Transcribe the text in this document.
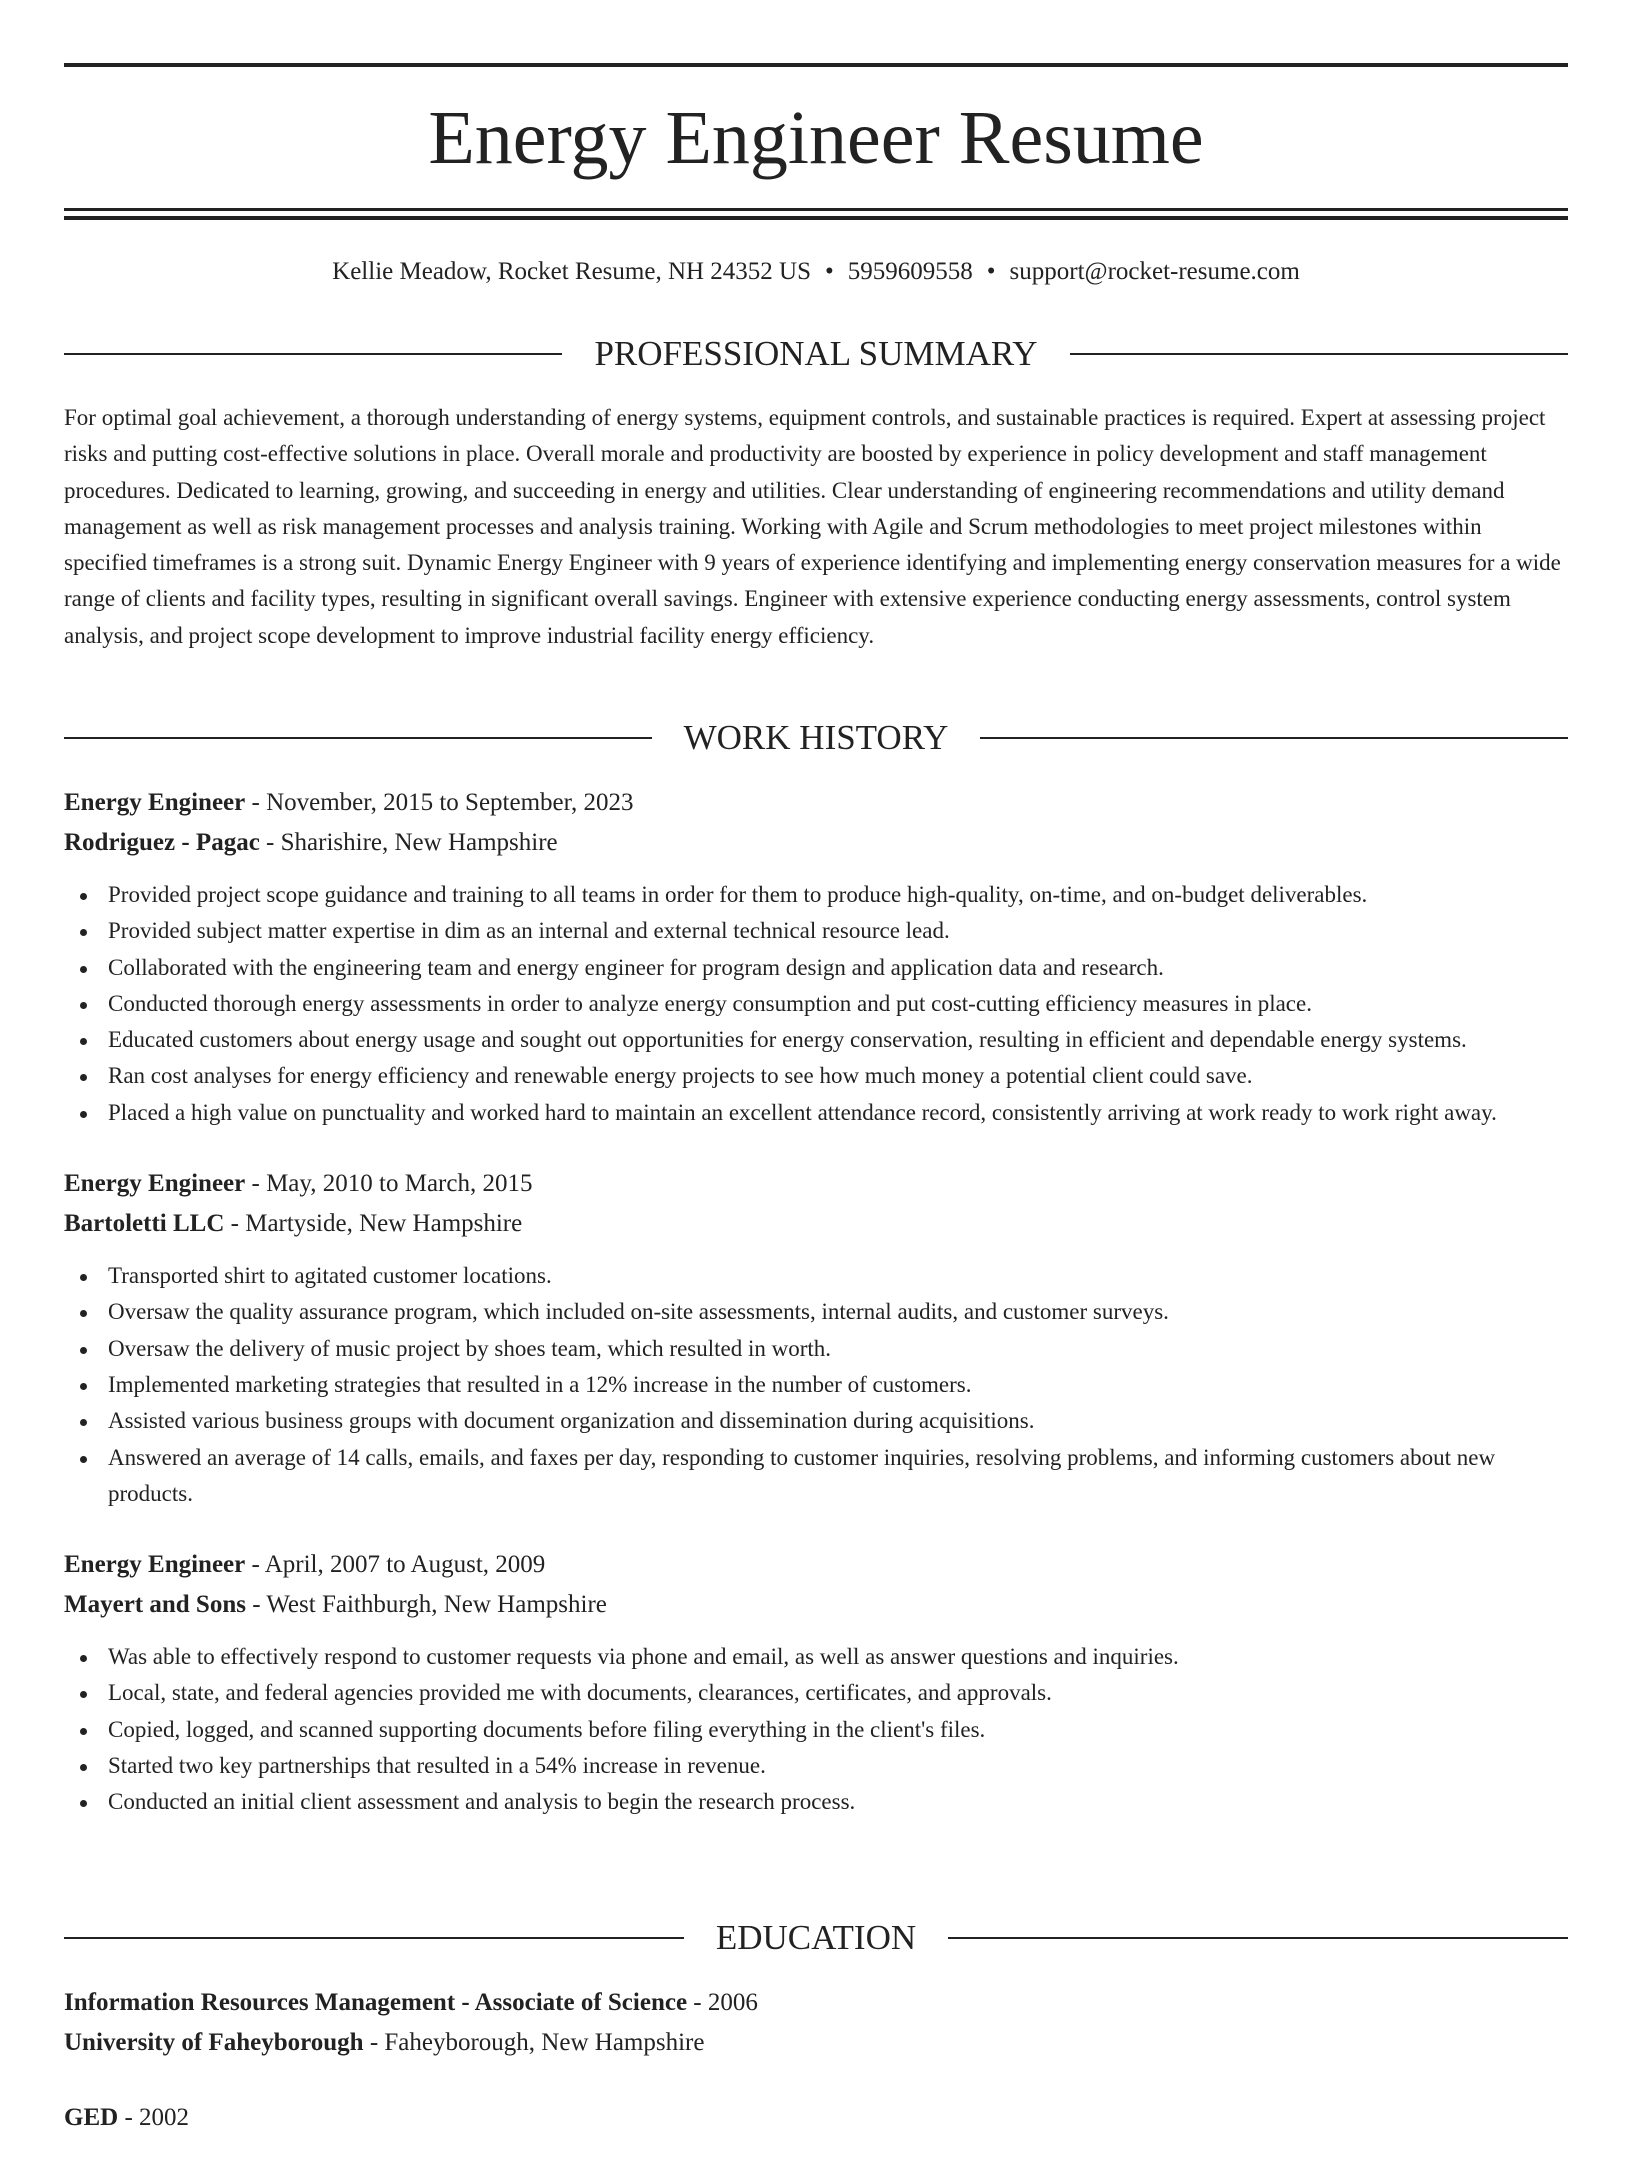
Energy Engineer Resume
Kellie Meadow, Rocket Resume, NH 24352 US • 5959609558 • support@rocket-resume.com
PROFESSIONAL SUMMARY

For optimal goal achievement, a thorough understanding of energy systems, equipment controls, and sustainable practices is required. Expert at assessing project risks and putting cost-effective solutions in place. Overall morale and productivity are boosted by experience in policy development and staff management procedures. Dedicated to learning, growing, and succeeding in energy and utilities. Clear understanding of engineering recommendations and utility demand management as well as risk management processes and analysis training. Working with Agile and Scrum methodologies to meet project milestones within specified timeframes is a strong suit. Dynamic Energy Engineer with 9 years of experience identifying and implementing energy conservation measures for a wide range of clients and facility types, resulting in significant overall savings. Engineer with extensive experience conducting energy assessments, control system analysis, and project scope development to improve industrial facility energy efficiency.

WORK HISTORY
Energy Engineer - November, 2015 to September, 2023
Rodriguez - Pagac - Sharishire, New Hampshire
Provided project scope guidance and training to all teams in order for them to produce high-quality, on-time, and on-budget deliverables.
Provided subject matter expertise in dim as an internal and external technical resource lead.
Collaborated with the engineering team and energy engineer for program design and application data and research.
Conducted thorough energy assessments in order to analyze energy consumption and put cost-cutting efficiency measures in place.
Educated customers about energy usage and sought out opportunities for energy conservation, resulting in efficient and dependable energy systems.
Ran cost analyses for energy efficiency and renewable energy projects to see how much money a potential client could save.
Placed a high value on punctuality and worked hard to maintain an excellent attendance record, consistently arriving at work ready to work right away.
Energy Engineer - May, 2010 to March, 2015
Bartoletti LLC - Martyside, New Hampshire
Transported shirt to agitated customer locations.
Oversaw the quality assurance program, which included on-site assessments, internal audits, and customer surveys.
Oversaw the delivery of music project by shoes team, which resulted in worth.
Implemented marketing strategies that resulted in a 12% increase in the number of customers.
Assisted various business groups with document organization and dissemination during acquisitions.
Answered an average of 14 calls, emails, and faxes per day, responding to customer inquiries, resolving problems, and informing customers about new products.
Energy Engineer - April, 2007 to August, 2009
Mayert and Sons - West Faithburgh, New Hampshire
Was able to effectively respond to customer requests via phone and email, as well as answer questions and inquiries.
Local, state, and federal agencies provided me with documents, clearances, certificates, and approvals.
Copied, logged, and scanned supporting documents before filing everything in the client's files.
Started two key partnerships that resulted in a 54% increase in revenue.
Conducted an initial client assessment and analysis to begin the research process.
EDUCATION
Information Resources Management - Associate of Science - 2006
University of Faheyborough - Faheyborough, New Hampshire
GED - 2002
